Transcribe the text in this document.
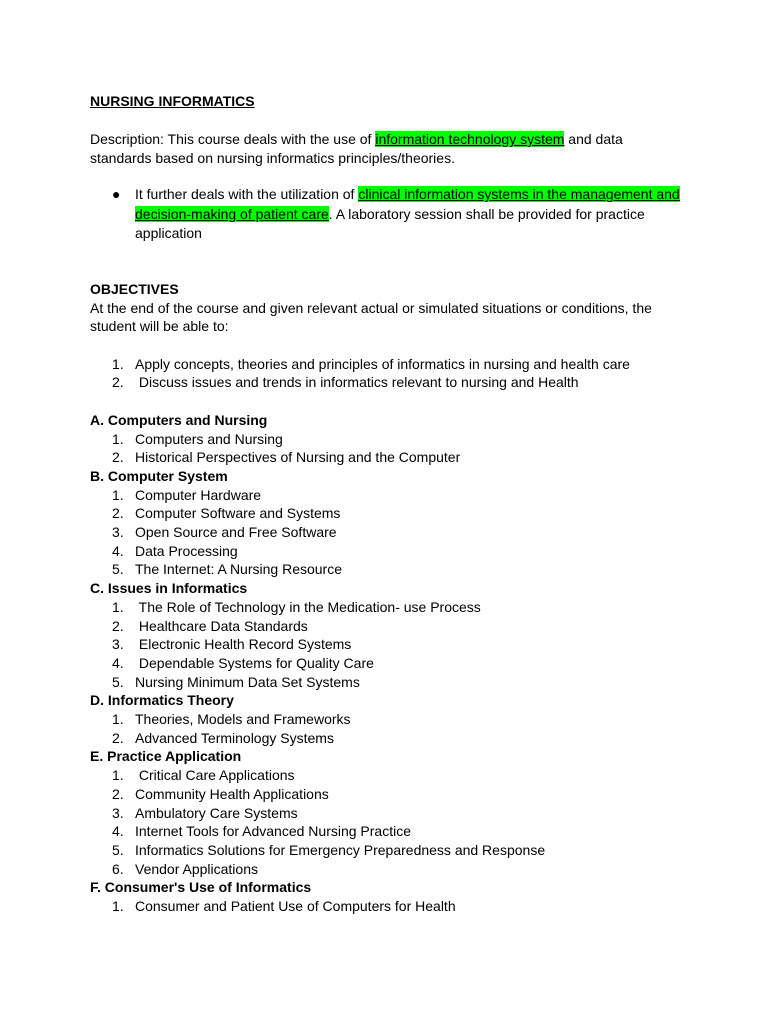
NURSING INFORMATICS
Description: This course deals with the use of information technology system and data
standards based on nursing informatics principles/theories.
● It further deals with the utilization of clinical information systems in the management and
decision-making of patient care. A laboratory session shall be provided for practice
application
OBJECTIVES
At the end of the course and given relevant actual or simulated situations or conditions, the
student will be able to:
1. Apply concepts, theories and principles of informatics in nursing and health care
2. Discuss issues and trends in informatics relevant to nursing and Health
A. Computers and Nursing
1. Computers and Nursing
2. Historical Perspectives of Nursing and the Computer
B. Computer System
1. Computer Hardware
2. Computer Software and Systems
3. Open Source and Free Software
4. Data Processing
5. The Internet: A Nursing Resource
C. Issues in Informatics
1. The Role of Technology in the Medication- use Process
2. Healthcare Data Standards
3. Electronic Health Record Systems
4. Dependable Systems for Quality Care
5. Nursing Minimum Data Set Systems
D. Informatics Theory
1. Theories, Models and Frameworks
2. Advanced Terminology Systems
E. Practice Application
1. Critical Care Applications
2. Community Health Applications
3. Ambulatory Care Systems
4. Internet Tools for Advanced Nursing Practice
5. Informatics Solutions for Emergency Preparedness and Response
6. Vendor Applications
F. Consumer's Use of Informatics
1. Consumer and Patient Use of Computers for Health
